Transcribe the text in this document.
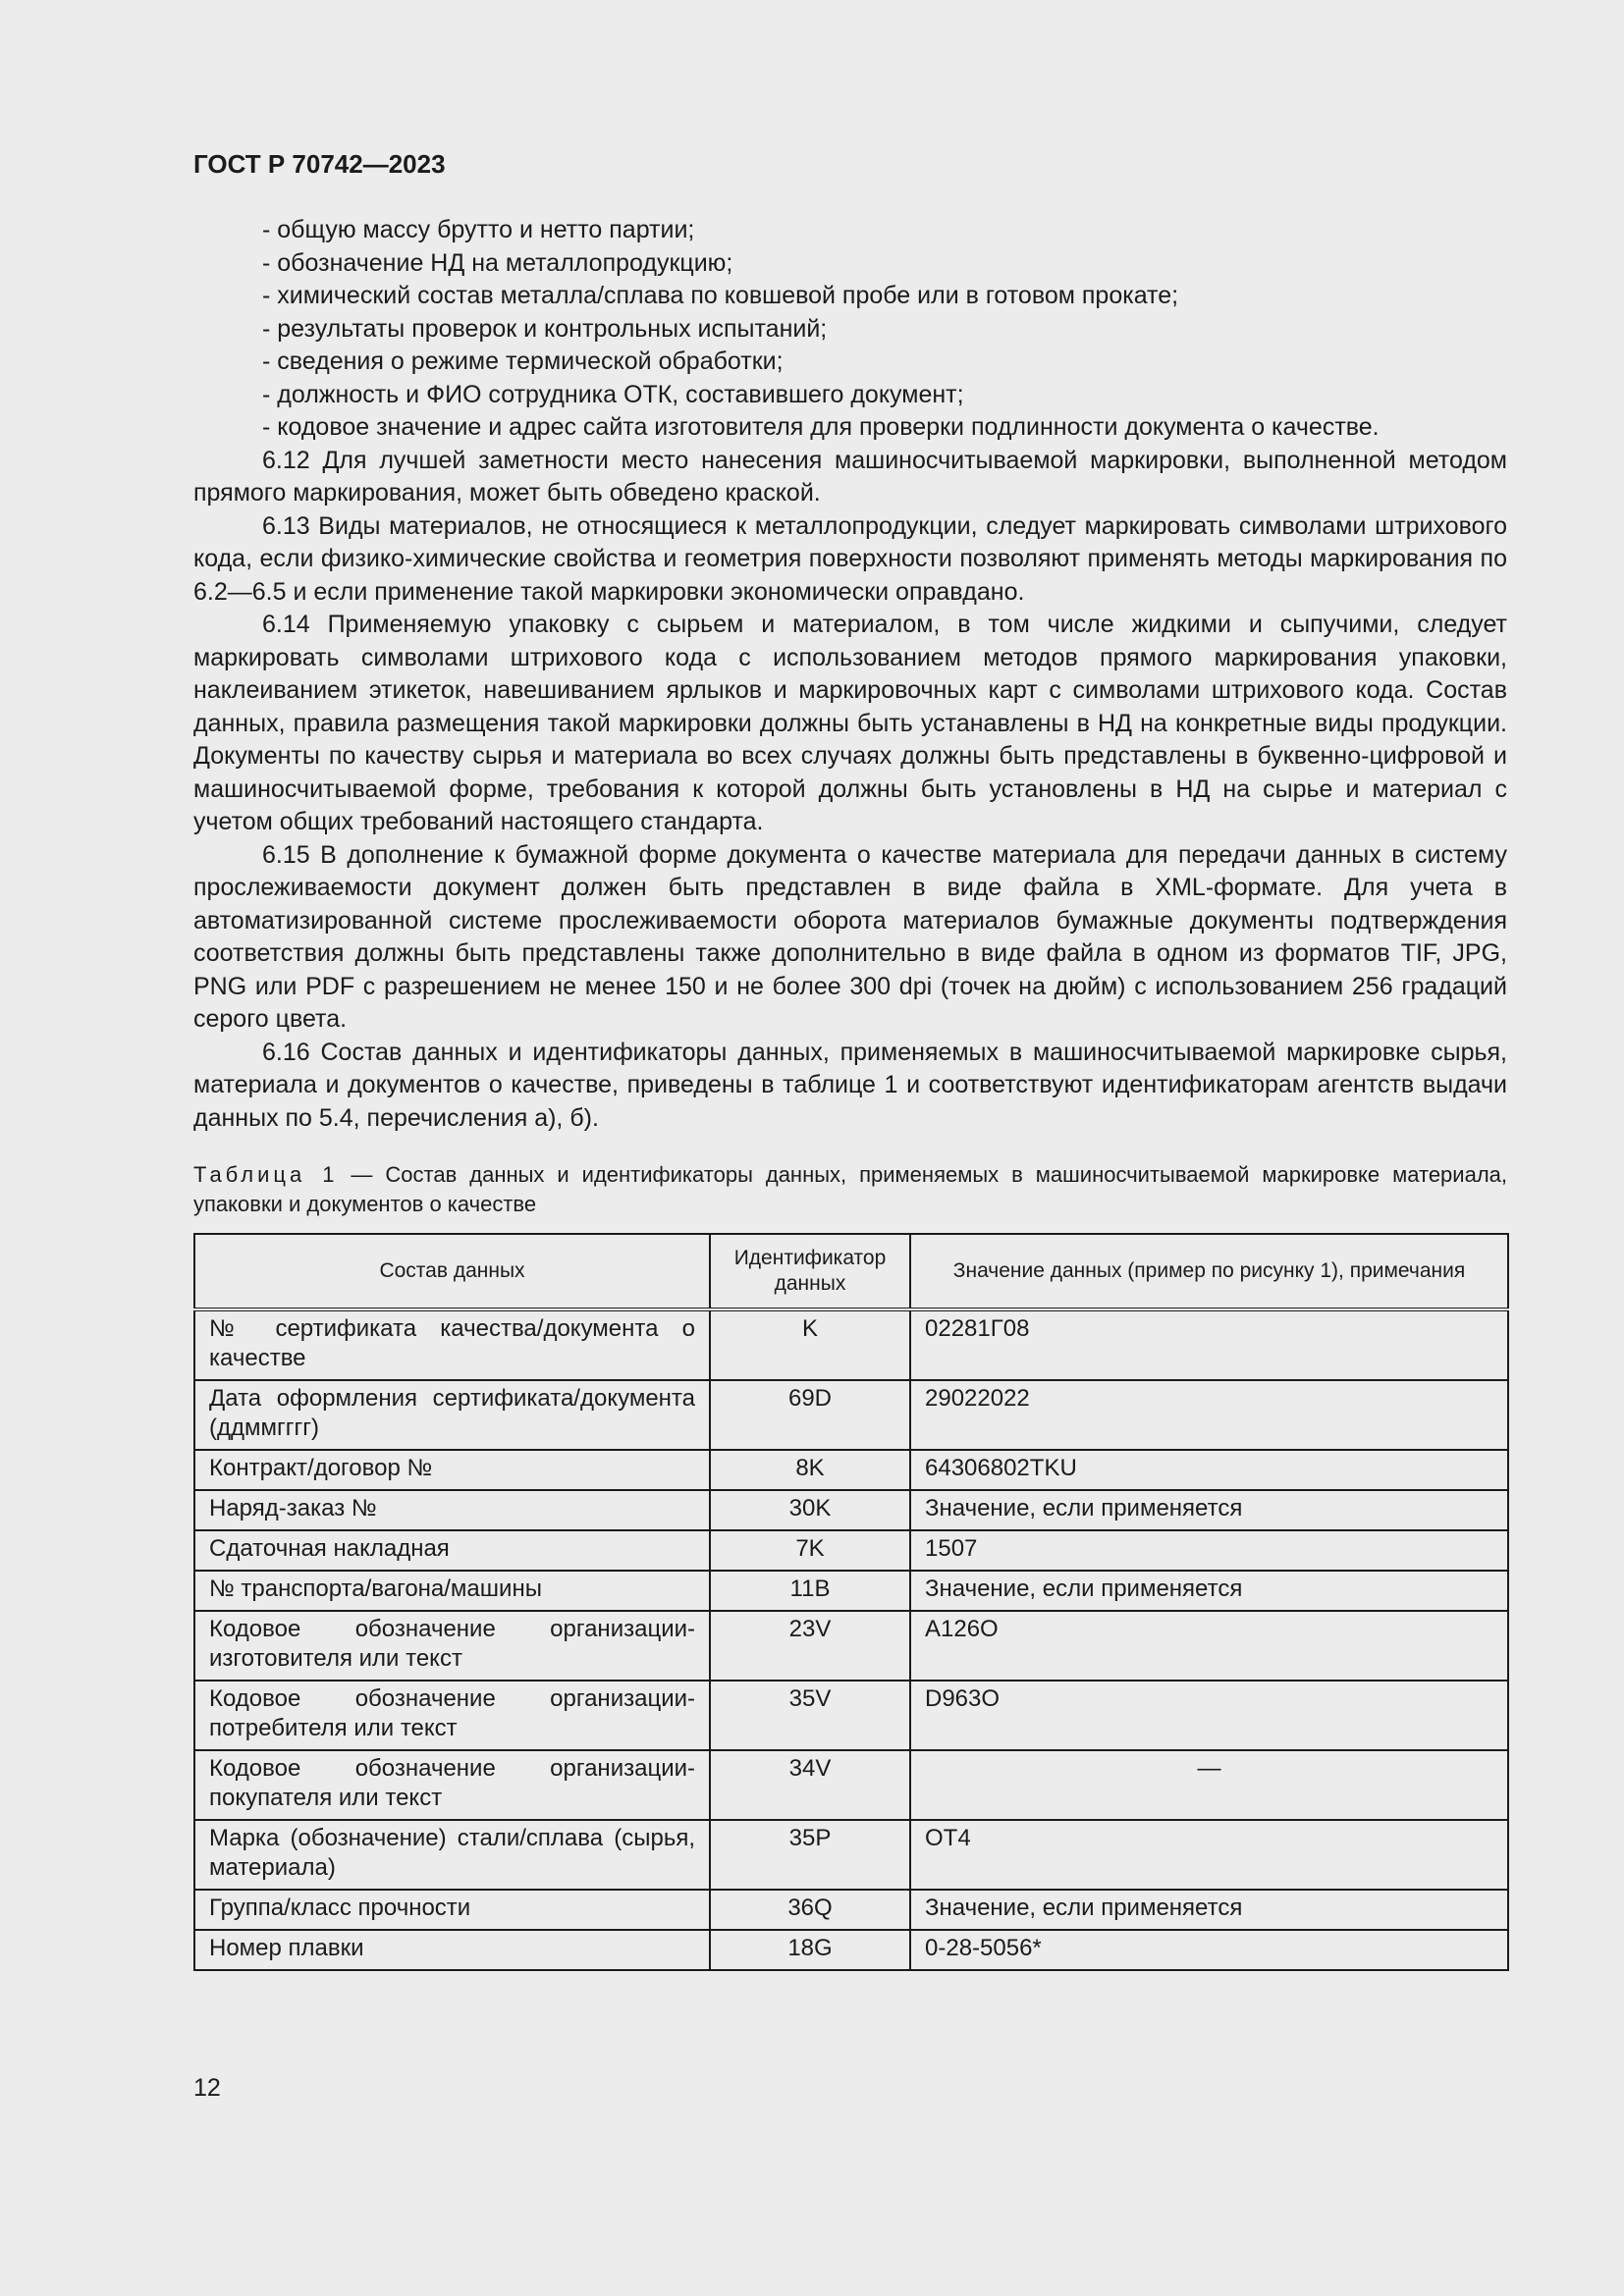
ГОСТ Р 70742—2023
- общую массу брутто и нетто партии;
- обозначение НД на металлопродукцию;
- химический состав металла/сплава по ковшевой пробе или в готовом прокате;
- результаты проверок и контрольных испытаний;
- сведения о режиме термической обработки;
- должность и ФИО сотрудника ОТК, составившего документ;
- кодовое значение и адрес сайта изготовителя для проверки подлинности документа о качестве.

6.12 Для лучшей заметности место нанесения машиносчитываемой маркировки, выполненной методом прямого маркирования, может быть обведено краской.

6.13 Виды материалов, не относящиеся к металлопродукции, следует маркировать символами штрихового кода, если физико-химические свойства и геометрия поверхности позволяют применять методы маркирования по 6.2—6.5 и если применение такой маркировки экономически оправдано.

6.14 Применяемую упаковку с сырьем и материалом, в том числе жидкими и сыпучими, следует маркировать символами штрихового кода с использованием методов прямого маркирования упаковки, наклеиванием этикеток, навешиванием ярлыков и маркировочных карт с символами штрихового кода. Состав данных, правила размещения такой маркировки должны быть устанавлены в НД на конкретные виды продукции. Документы по качеству сырья и материала во всех случаях должны быть представлены в буквенно-цифровой и машиносчитываемой форме, требования к которой должны быть установлены в НД на сырье и материал с учетом общих требований настоящего стандарта.

6.15 В дополнение к бумажной форме документа о качестве материала для передачи данных в систему прослеживаемости документ должен быть представлен в виде файла в XML-формате. Для учета в автоматизированной системе прослеживаемости оборота материалов бумажные документы подтверждения соответствия должны быть представлены также дополнительно в виде файла в одном из форматов TIF, JPG, PNG или PDF с разрешением не менее 150 и не более 300 dpi (точек на дюйм) с использованием 256 градаций серого цвета.

6.16 Состав данных и идентификаторы данных, применяемых в машиносчитываемой маркировке сырья, материала и документов о качестве, приведены в таблице 1 и соответствуют идентификаторам агентств выдачи данных по 5.4, перечисления а), б).

Таблица 1 — Состав данных и идентификаторы данных, применяемых в машиносчитываемой маркировке материала, упаковки и документов о качестве
Состав данных	Идентификатор данных	Значение данных (пример по рисунку 1), примечания
№ сертификата качества/документа о качестве	K	02281Г08
Дата оформления сертификата/документа (ддммгггг)	69D	29022022
Контракт/договор №	8K	64306802TKU
Наряд-заказ №	30K	Значение, если применяется
Сдаточная накладная	7K	1507
№ транспорта/вагона/машины	11B	Значение, если применяется
Кодовое обозначение организации-изготовителя или текст	23V	A126O
Кодовое обозначение организации-потребителя или текст	35V	D963O
Кодовое обозначение организации-покупателя или текст	34V	—
Марка (обозначение) стали/сплава (сырья, материала)	35P	OT4
Группа/класс прочности	36Q	Значение, если применяется
Номер плавки	18G	0-28-5056*
12
